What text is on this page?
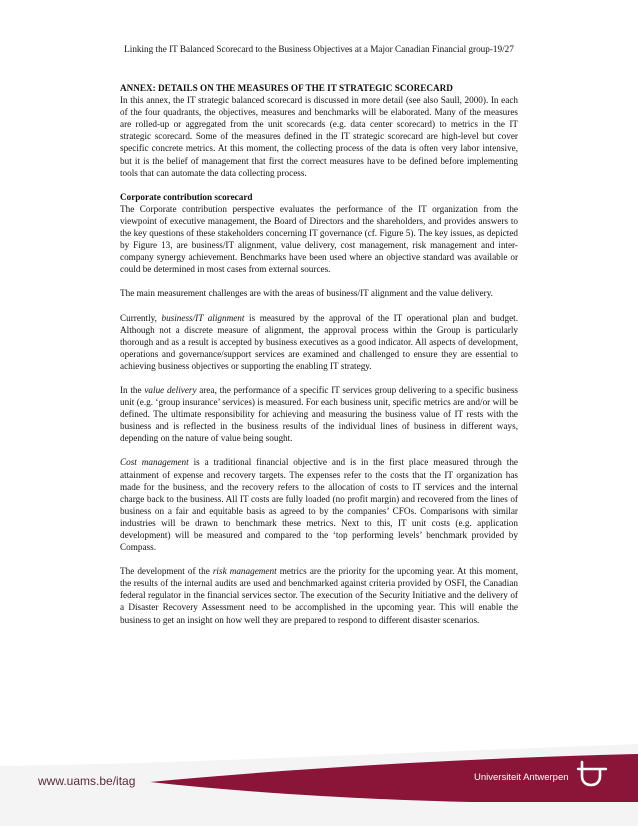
Linking the IT Balanced Scorecard to the Business Objectives at a Major Canadian Financial group-19/27
ANNEX: DETAILS ON THE MEASURES OF THE IT STRATEGIC SCORECARD

In this annex, the IT strategic balanced scorecard is discussed in more detail (see also Saull, 2000). In each of the four quadrants, the objectives, measures and benchmarks will be elaborated. Many of the measures are rolled-up or aggregated from the unit scorecards (e.g. data center scorecard) to metrics in the IT strategic scorecard. Some of the measures defined in the IT strategic scorecard are high-level but cover specific concrete metrics. At this moment, the collecting process of the data is often very labor intensive, but it is the belief of management that first the correct measures have to be defined before implementing tools that can automate the data collecting process.

Corporate contribution scorecard

The Corporate contribution perspective evaluates the performance of the IT organization from the viewpoint of executive management, the Board of Directors and the shareholders, and provides answers to the key questions of these stakeholders concerning IT governance (cf. Figure 5). The key issues, as depicted by Figure 13, are business/IT alignment, value delivery, cost management, risk management and inter-company synergy achievement. Benchmarks have been used where an objective standard was available or could be determined in most cases from external sources.

The main measurement challenges are with the areas of business/IT alignment and the value delivery.

Currently, business/IT alignment is measured by the approval of the IT operational plan and budget. Although not a discrete measure of alignment, the approval process within the Group is particularly thorough and as a result is accepted by business executives as a good indicator. All aspects of development, operations and governance/support services are examined and challenged to ensure they are essential to achieving business objectives or supporting the enabling IT strategy.

In the value delivery area, the performance of a specific IT services group delivering to a specific business unit (e.g. ‘group insurance’ services) is measured. For each business unit, specific metrics are and/or will be defined. The ultimate responsibility for achieving and measuring the business value of IT rests with the business and is reflected in the business results of the individual lines of business in different ways, depending on the nature of value being sought.

Cost management is a traditional financial objective and is in the first place measured through the attainment of expense and recovery targets. The expenses refer to the costs that the IT organization has made for the business, and the recovery refers to the allocation of costs to IT services and the internal charge back to the business. All IT costs are fully loaded (no profit margin) and recovered from the lines of business on a fair and equitable basis as agreed to by the companies’ CFOs. Comparisons with similar industries will be drawn to benchmark these metrics. Next to this, IT unit costs (e.g. application development) will be measured and compared to the ‘top performing levels’ benchmark provided by Compass.

The development of the risk management metrics are the priority for the upcoming year. At this moment, the results of the internal audits are used and benchmarked against criteria provided by OSFI, the Canadian federal regulator in the financial services sector. The execution of the Security Initiative and the delivery of a Disaster Recovery Assessment need to be accomplished in the upcoming year. This will enable the business to get an insight on how well they are prepared to respond to different disaster scenarios.

www.uams.be/itag	Universiteit Antwerpen
